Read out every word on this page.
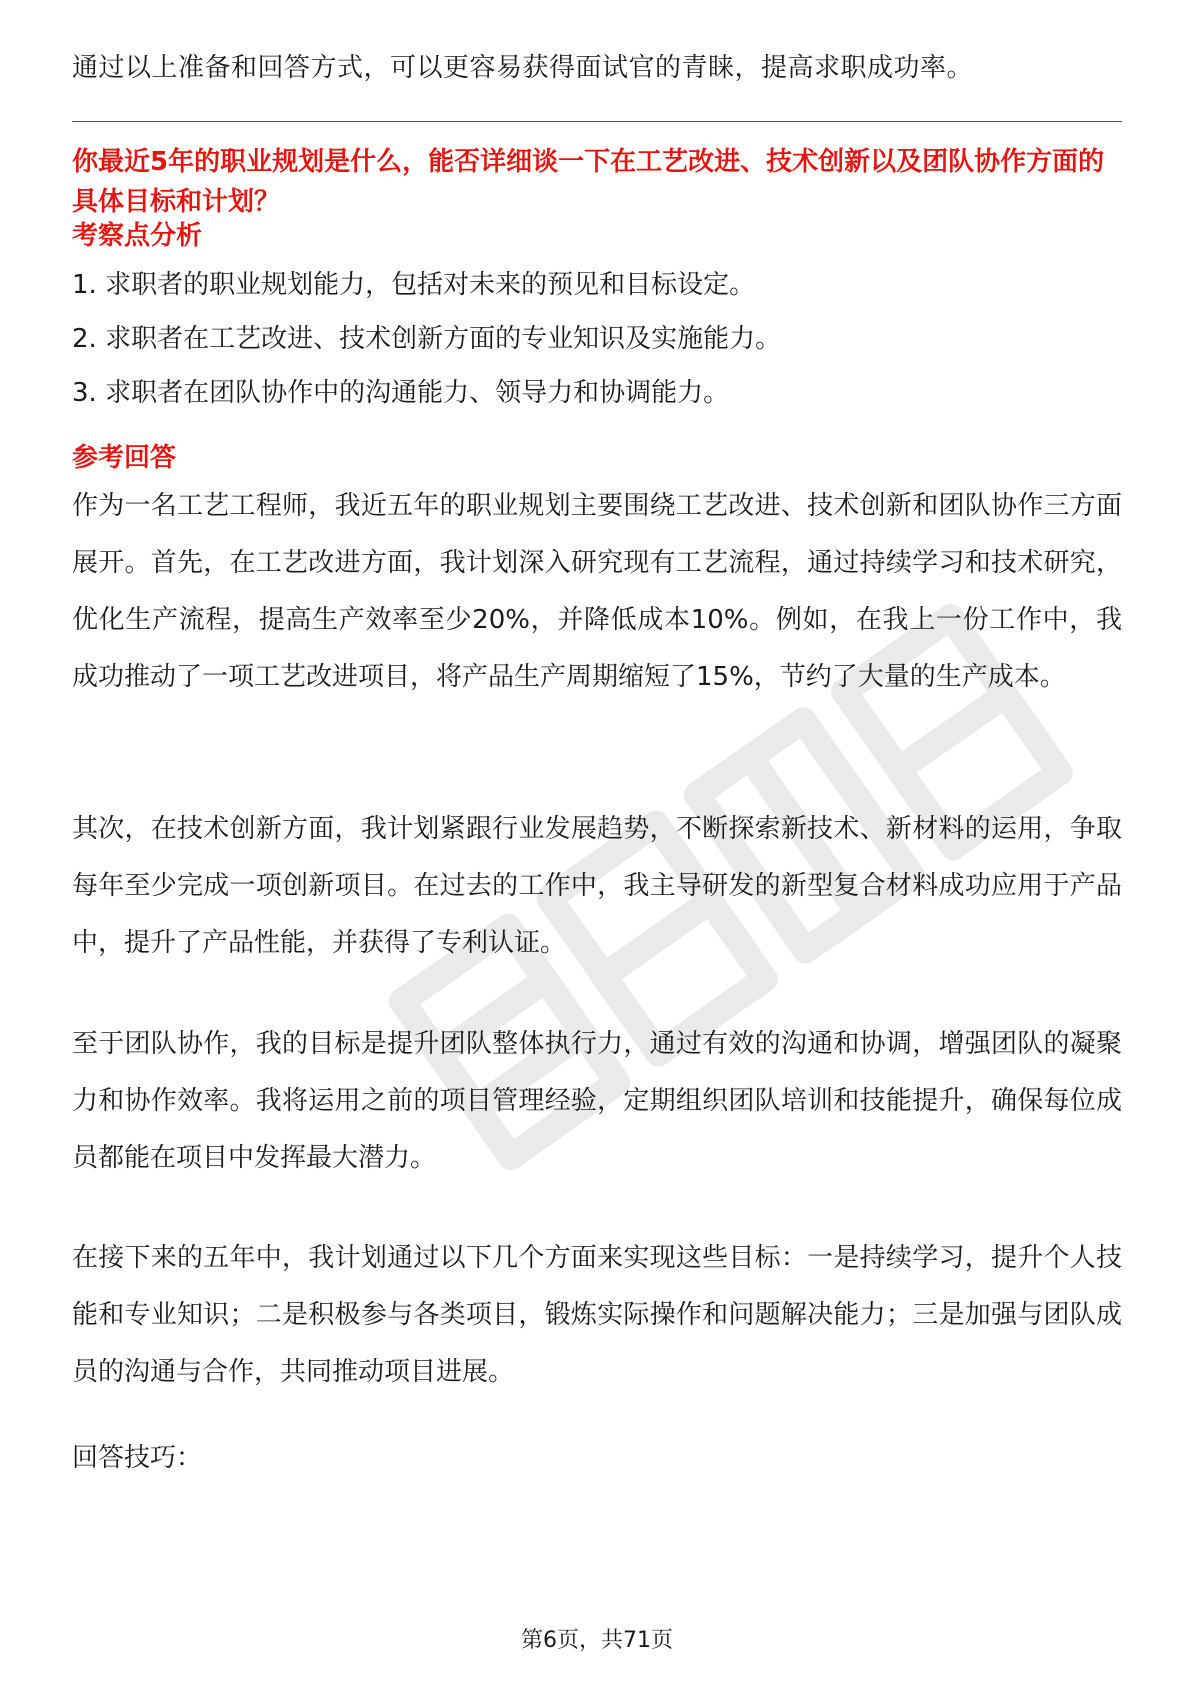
通过以上准备和回答方式，可以更容易获得面试官的青睐，提高求职成功率。
你最近5年的职业规划是什么，能否详细谈一下在工艺改进、技术创新以及团队协作方面的具体目标和计划？
考察点分析
1. 求职者的职业规划能力，包括对未来的预见和目标设定。
2. 求职者在工艺改进、技术创新方面的专业知识及实施能力。
3. 求职者在团队协作中的沟通能力、领导力和协调能力。
参考回答
作为一名工艺工程师，我近五年的职业规划主要围绕工艺改进、技术创新和团队协作三方面展开。首先，在工艺改进方面，我计划深入研究现有工艺流程，通过持续学习和技术研究，优化生产流程，提高生产效率至少20%，并降低成本10%。例如，在我上一份工作中，我成功推动了一项工艺改进项目，将产品生产周期缩短了15%，节约了大量的生产成本。
其次，在技术创新方面，我计划紧跟行业发展趋势，不断探索新技术、新材料的运用，争取每年至少完成一项创新项目。在过去的工作中，我主导研发的新型复合材料成功应用于产品中，提升了产品性能，并获得了专利认证。
至于团队协作，我的目标是提升团队整体执行力，通过有效的沟通和协调，增强团队的凝聚力和协作效率。我将运用之前的项目管理经验，定期组织团队培训和技能提升，确保每位成员都能在项目中发挥最大潜力。
在接下来的五年中，我计划通过以下几个方面来实现这些目标：一是持续学习，提升个人技能和专业知识；二是积极参与各类项目，锻炼实际操作和问题解决能力；三是加强与团队成员的沟通与合作，共同推动项目进展。
回答技巧：
第6页，共71页
